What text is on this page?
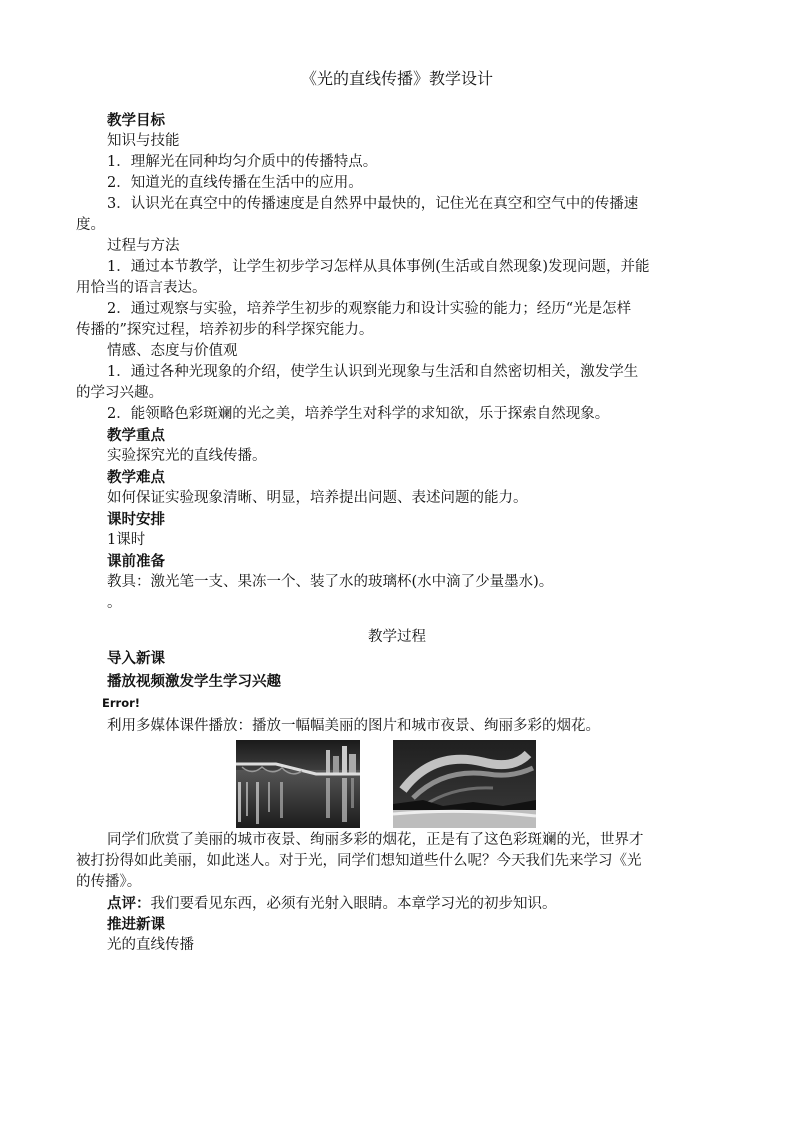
《光的直线传播》教学设计
教学目标
知识与技能
1．理解光在同种均匀介质中的传播特点。
2．知道光的直线传播在生活中的应用。
3．认识光在真空中的传播速度是自然界中最快的，记住光在真空和空气中的传播速
度。
过程与方法
1．通过本节教学，让学生初步学习怎样从具体事例(生活或自然现象)发现问题，并能
用恰当的语言表达。
2．通过观察与实验，培养学生初步的观察能力和设计实验的能力；经历“光是怎样
传播的”探究过程，培养初步的科学探究能力。
情感、态度与价值观
1．通过各种光现象的介绍，使学生认识到光现象与生活和自然密切相关，激发学生
的学习兴趣。
2．能领略色彩斑斓的光之美，培养学生对科学的求知欲，乐于探索自然现象。
教学重点
实验探究光的直线传播。
教学难点
如何保证实验现象清晰、明显，培养提出问题、表述问题的能力。
课时安排
1课时
课前准备
教具：激光笔一支、果冻一个、装了水的玻璃杯(水中滴了少量墨水)。
。
教学过程
导入新课
播放视频激发学生学习兴趣
Error!
利用多媒体课件播放：播放一幅幅美丽的图片和城市夜景、绚丽多彩的烟花。
同学们欣赏了美丽的城市夜景、绚丽多彩的烟花，正是有了这色彩斑斓的光，世界才
被打扮得如此美丽，如此迷人。对于光，同学们想知道些什么呢？今天我们先来学习《光
的传播》。
点评：我们要看见东西，必须有光射入眼睛。本章学习光的初步知识。
推进新课
光的直线传播
